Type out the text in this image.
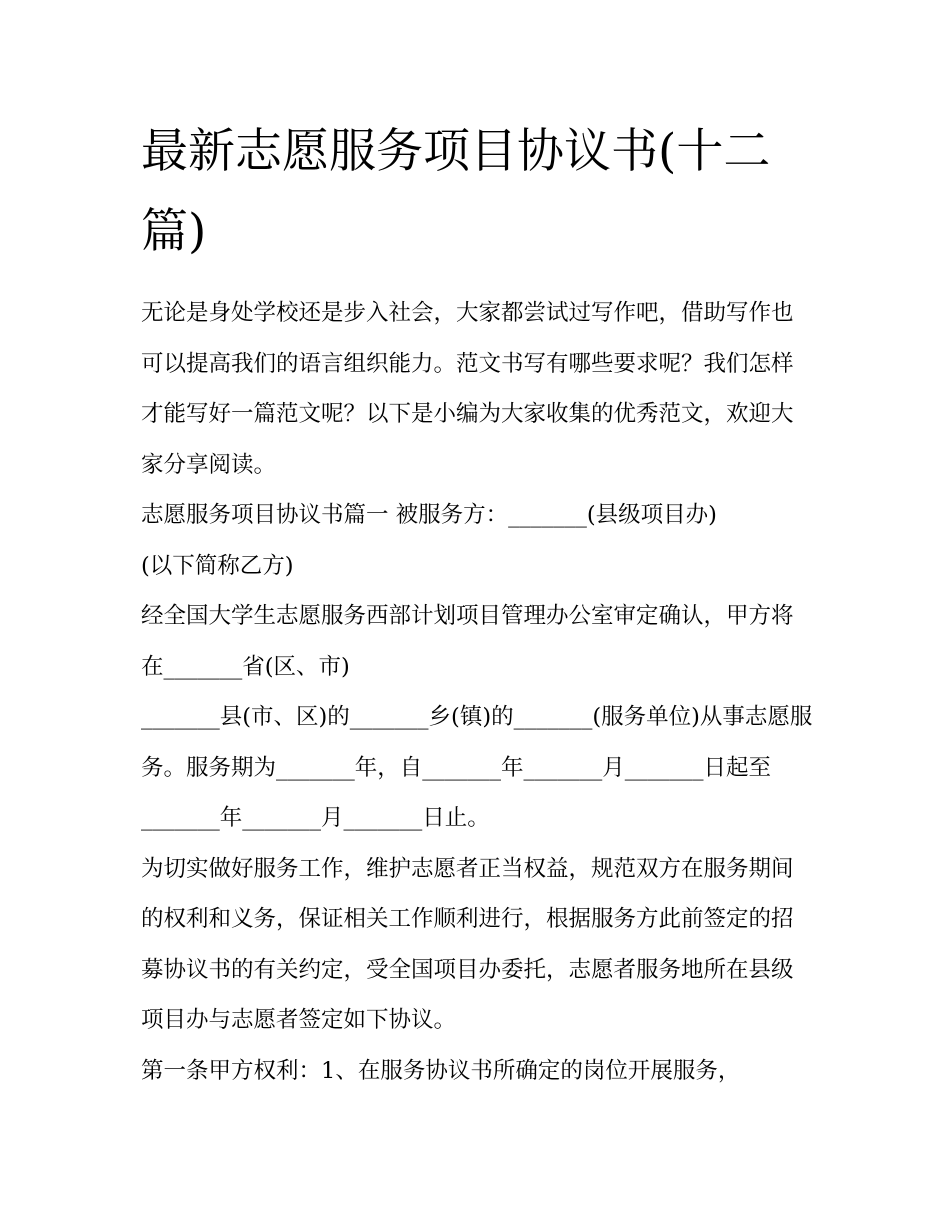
最新志愿服务项目协议书(十二篇)

无论是身处学校还是步入社会，大家都尝试过写作吧，借助写作也可以提高我们的语言组织能力。范文书写有哪些要求呢？我们怎样才能写好一篇范文呢？以下是小编为大家收集的优秀范文，欢迎大家分享阅读。

志愿服务项目协议书篇一 被服务方：_______(县级项目办)

(以下简称乙方)

经全国大学生志愿服务西部计划项目管理办公室审定确认，甲方将在_______省(区、市)

_______县(市、区)的_______乡(镇)的_______(服务单位)从事志愿服务。服务期为_______年，自_______年_______月_______日起至_______年_______月_______日止。

为切实做好服务工作，维护志愿者正当权益，规范双方在服务期间的权利和义务，保证相关工作顺利进行，根据服务方此前签定的招募协议书的有关约定，受全国项目办委托，志愿者服务地所在县级项目办与志愿者签定如下协议。

第一条甲方权利：1、在服务协议书所确定的岗位开展服务，
